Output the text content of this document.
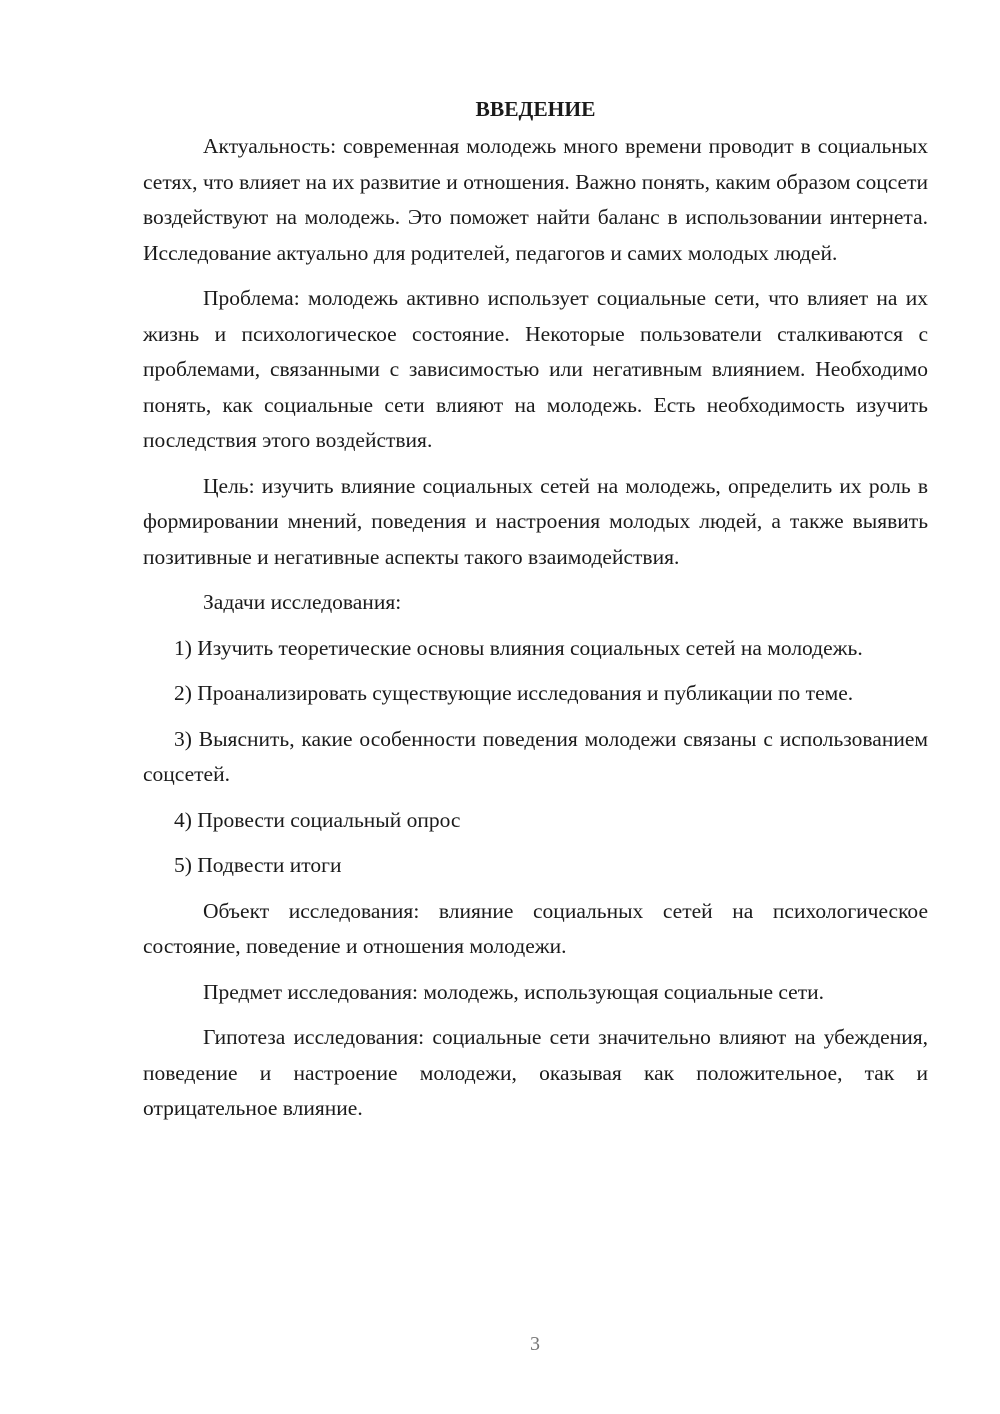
ВВЕДЕНИЕ

Актуальность: современная молодежь много времени проводит в социальных сетях, что влияет на их развитие и отношения. Важно понять, каким образом соцсети воздействуют на молодежь. Это поможет найти баланс в использовании интернета. Исследование актуально для родителей, педагогов и самих молодых людей.

Проблема: молодежь активно использует социальные сети, что влияет на их жизнь и психологическое состояние. Некоторые пользователи сталкиваются с проблемами, связанными с зависимостью или негативным влиянием. Необходимо понять, как социальные сети влияют на молодежь. Есть необходимость изучить последствия этого воздействия.

Цель: изучить влияние социальных сетей на молодежь, определить их роль в формировании мнений, поведения и настроения молодых людей, а также выявить позитивные и негативные аспекты такого взаимодействия.

Задачи исследования:

1) Изучить теоретические основы влияния социальных сетей на молодежь.

2) Проанализировать существующие исследования и публикации по теме.

3) Выяснить, какие особенности поведения молодежи связаны с использованием соцсетей.

4) Провести социальный опрос

5) Подвести итоги

Объект исследования: влияние социальных сетей на психологическое состояние, поведение и отношения молодежи.

Предмет исследования: молодежь, использующая социальные сети.

Гипотеза исследования: социальные сети значительно влияют на убеждения, поведение и настроение молодежи, оказывая как положительное, так и отрицательное влияние.

3
